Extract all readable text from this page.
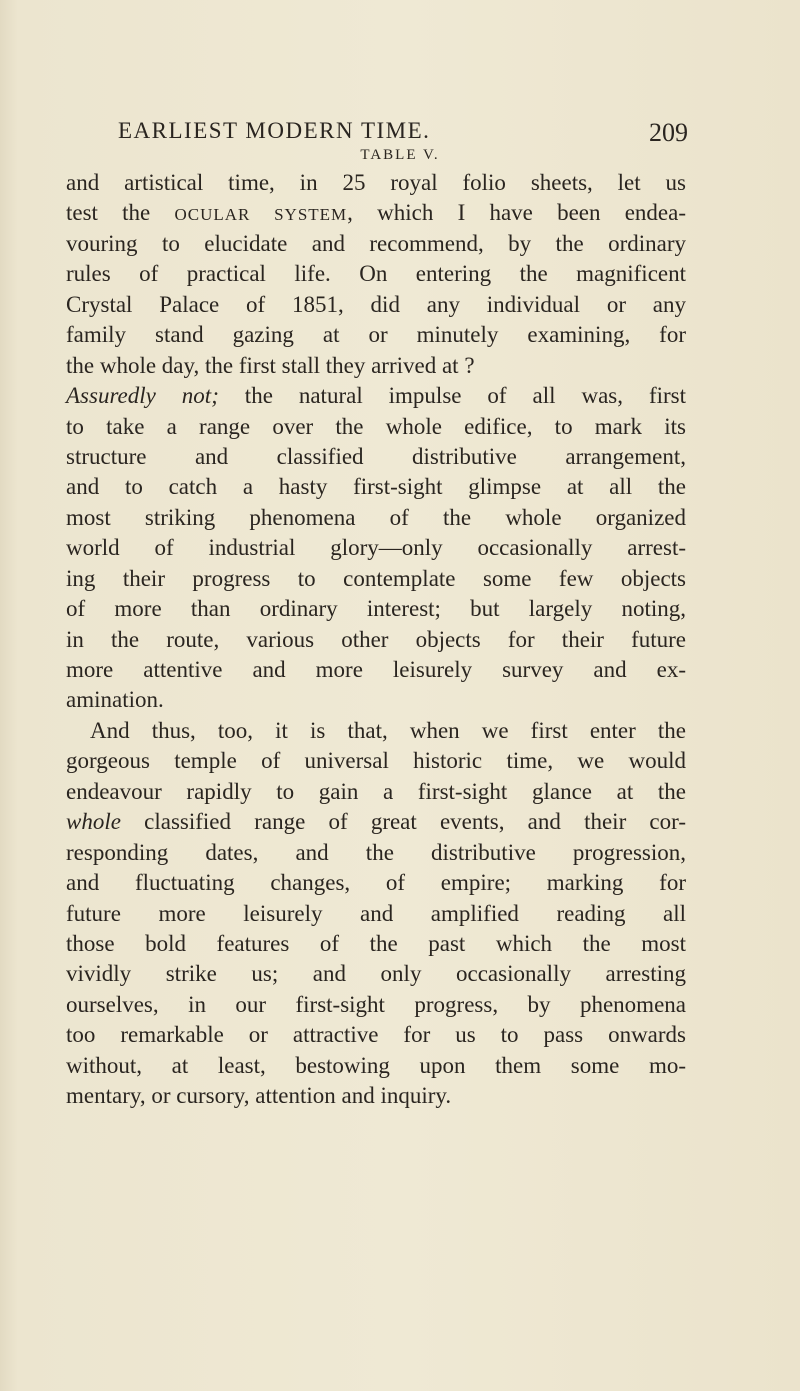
EARLIEST MODERN TIME.	209
TABLE V.
and artistical time, in 25 royal folio sheets, let us
test the OCULAR SYSTEM, which I have been endea-
vouring to elucidate and recommend, by the ordinary
rules of practical life. On entering the magnificent
Crystal Palace of 1851, did any individual or any
family stand gazing at or minutely examining, for
the whole day, the first stall they arrived at ?
Assuredly not; the natural impulse of all was, first
to take a range over the whole edifice, to mark its
structure and classified distributive arrangement,
and to catch a hasty first-sight glimpse at all the
most striking phenomena of the whole organized
world of industrial glory—only occasionally arrest-
ing their progress to contemplate some few objects
of more than ordinary interest; but largely noting,
in the route, various other objects for their future
more attentive and more leisurely survey and ex-
amination.
And thus, too, it is that, when we first enter the
gorgeous temple of universal historic time, we would
endeavour rapidly to gain a first-sight glance at the
whole classified range of great events, and their cor-
responding dates, and the distributive progression,
and fluctuating changes, of empire; marking for
future more leisurely and amplified reading all
those bold features of the past which the most
vividly strike us; and only occasionally arresting
ourselves, in our first-sight progress, by phenomena
too remarkable or attractive for us to pass onwards
without, at least, bestowing upon them some mo-
mentary, or cursory, attention and inquiry.
